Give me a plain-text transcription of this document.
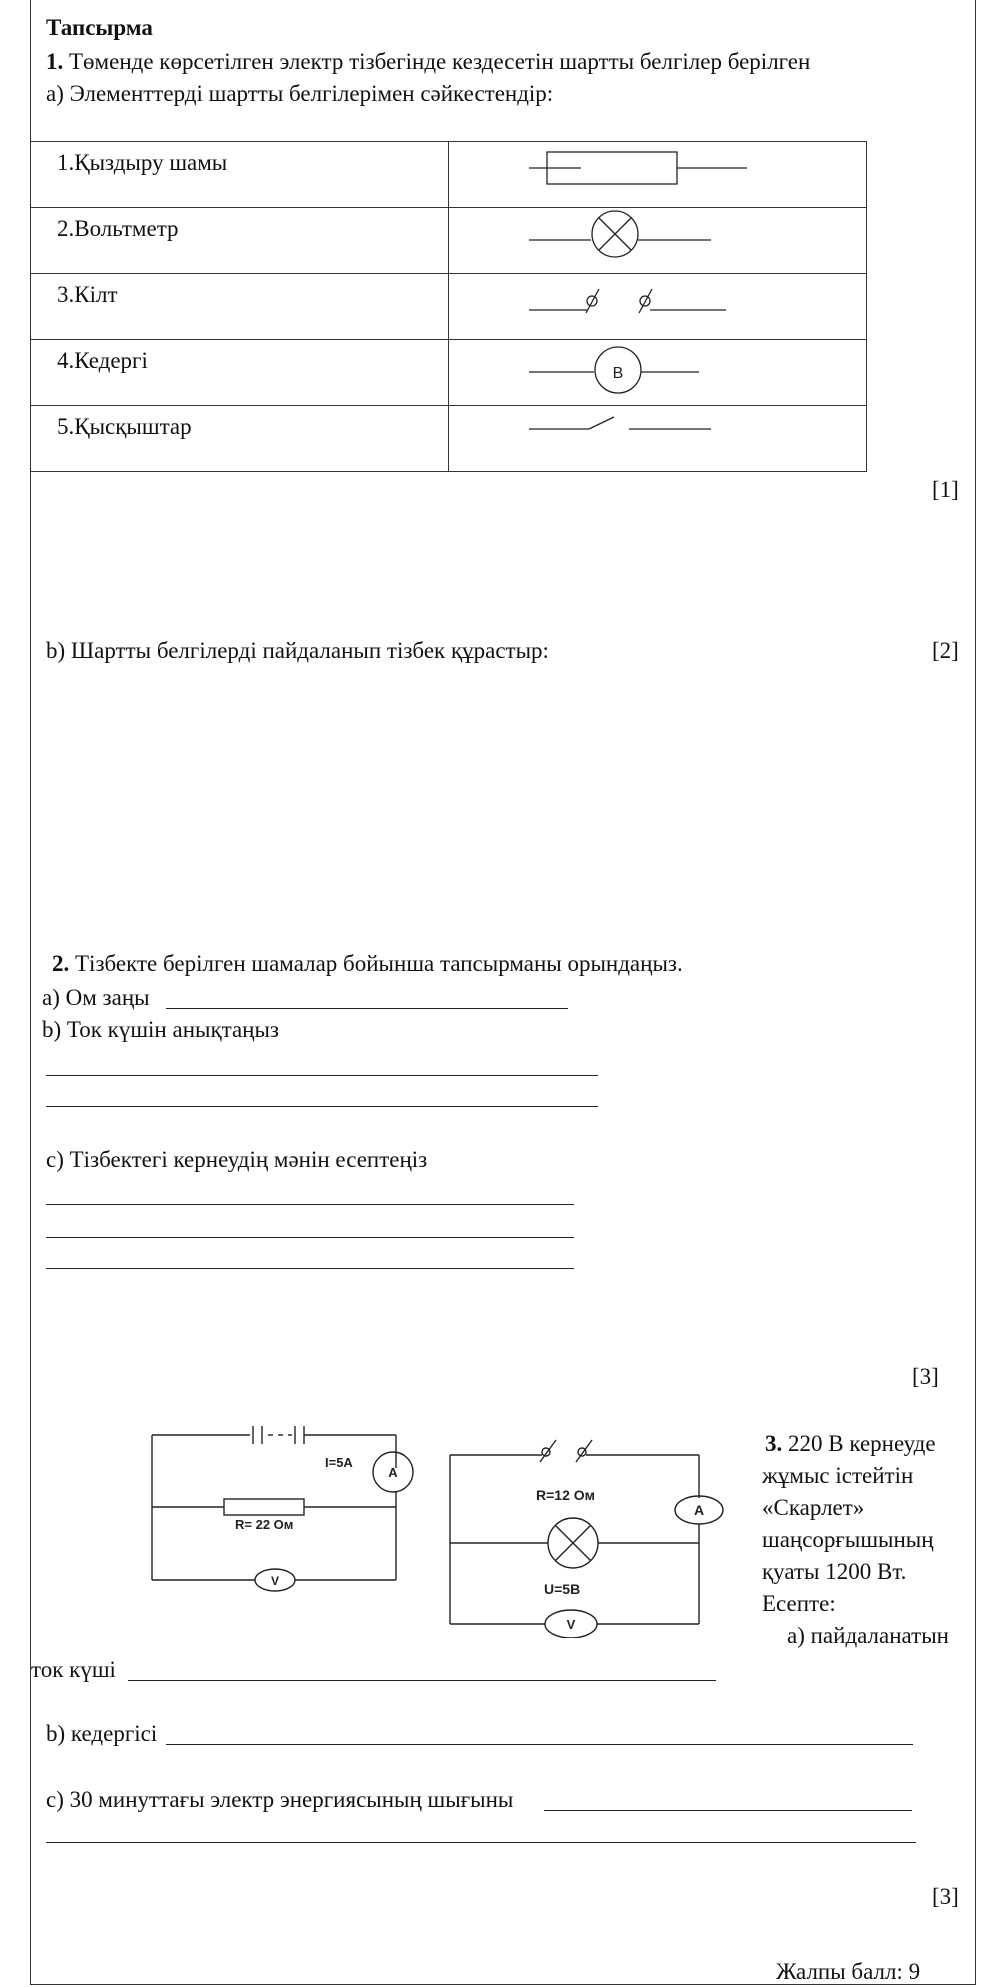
Тапсырма
1. Төменде көрсетілген электр тізбегінде кездесетін шартты белгілер берілген
а) Элементтерді шартты белгілерімен сәйкестендір:
1.Қыздыру шамы	

2.Вольтметр	

3.Кілт	

4.Кедергі	В

5.Қысқыштар	
[1]
b) Шартты белгілерді пайдаланып тізбек құрастыр:	[2]
2. Тізбекте берілген шамалар бойынша тапсырманы орындаңыз.
а) Ом заңы
b) Ток күшін анықтаңыз
с) Тізбектегі кернеудің мәнін есептеңіз
[3]
I=5A
A
R= 22 Ом
V
R=12 Ом
A
U=5B
V

3. 220 В кернеуде жұмыс істейтін «Скарлет» шаңсорғышының қуаты 1200 Вт. Есепте:

а) пайдаланатын

ток күші
b) кедергісі
с) 30 минуттағы электр энергиясының шығыны
[3]
Жалпы балл: 9
